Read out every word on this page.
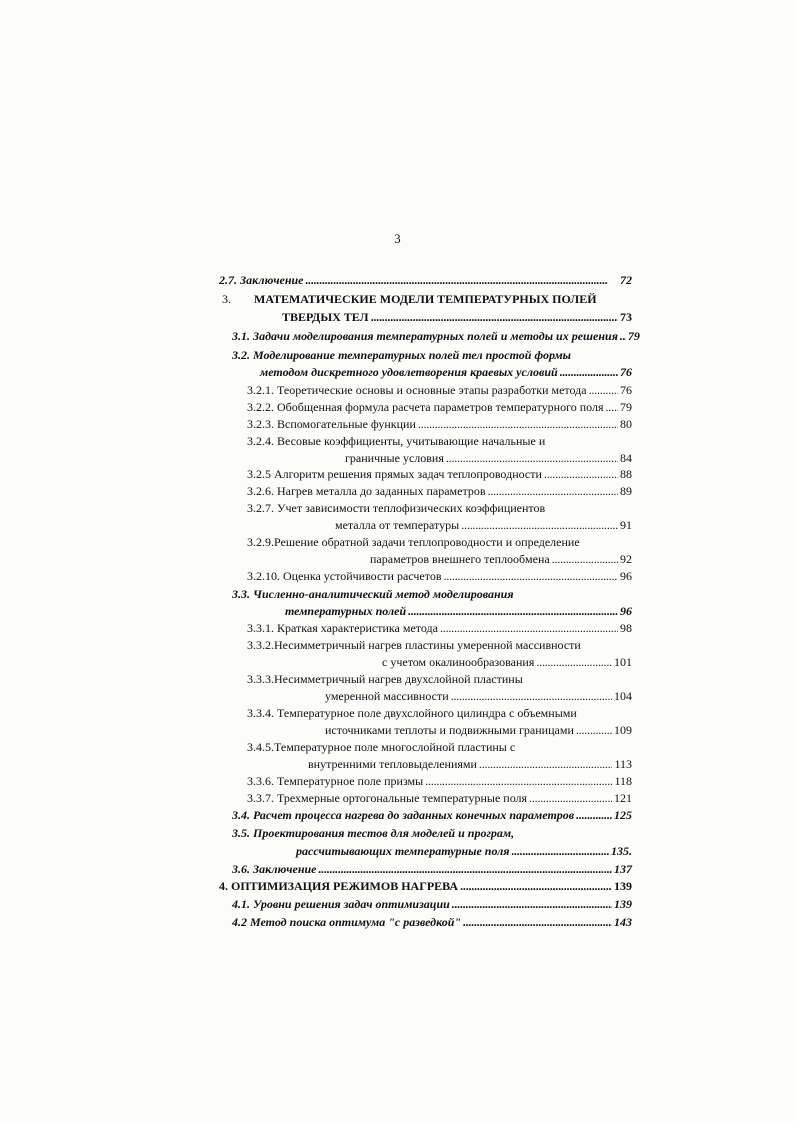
3
2.7. Заключение . . .	72
3. МАТЕМАТИЧЕСКИЕ МОДЕЛИ ТЕМПЕРАТУРНЫХ ПОЛЕЙ
ТВЕРДЫХ ТЕЛ . . .	73
3.1. Задачи моделирования температурных полей и методы их решения . . . 79
3.2. Моделирование температурных полей тел простой формы
методом дискретного удовлетворения краевых условий . . .	76
3.2.1. Теоретические основы и основные этапы разработки метода . . .	76
3.2.2. Обобщенная формула расчета параметров температурного поля . . . 79
3.2.3. Вспомогательные функции . . .	80
3.2.4. Весовые коэффициенты, учитывающие начальные и
граничные условия . . .	84
3.2.5 Алгоритм решения прямых задач теплопроводности . . .	88
3.2.6. Нагрев металла до заданных параметров . . .	89
3.2.7. Учет зависимости теплофизических коэффициентов
металла от температуры . . .	91
3.2.9.Решение обратной задачи теплопроводности и определение
параметров внешнего теплообмена . . .	92
3.2.10. Оценка устойчивости расчетов . . .	96
3.3. Численно-аналитический метод моделирования
температурных полей . . .	96
3.3.1. Краткая характеристика метода . . .	98
3.3.2.Несимметричный нагрев пластины умеренной массивности
с учетом окалинообразования . . .	101
3.3.3.Несимметричный нагрев двухслойной пластины
умеренной массивности . . .	104
3.3.4. Температурное поле двухслойного цилиндра с объемными
источниками теплоты и подвижными границами . . .	109
3.4.5.Температурное поле многослойной пластины с
внутренними тепловыделениями . . .	113
3.3.6. Температурное поле призмы . . .	118
3.3.7. Трехмерные ортогональные температурные поля . . .	121
3.4. Расчет процесса нагрева до заданных конечных параметров . . .	125
3.5. Проектирования тестов для моделей и програм,
рассчитывающих температурные поля . . .	135.
3.6. Заключение . . .	137
4. ОПТИМИЗАЦИЯ РЕЖИМОВ НАГРЕВА . . .	139
4.1. Уровни решения задач оптимизации . . .	139
4.2 Метод поиска оптимума "с разведкой" . . .	143
